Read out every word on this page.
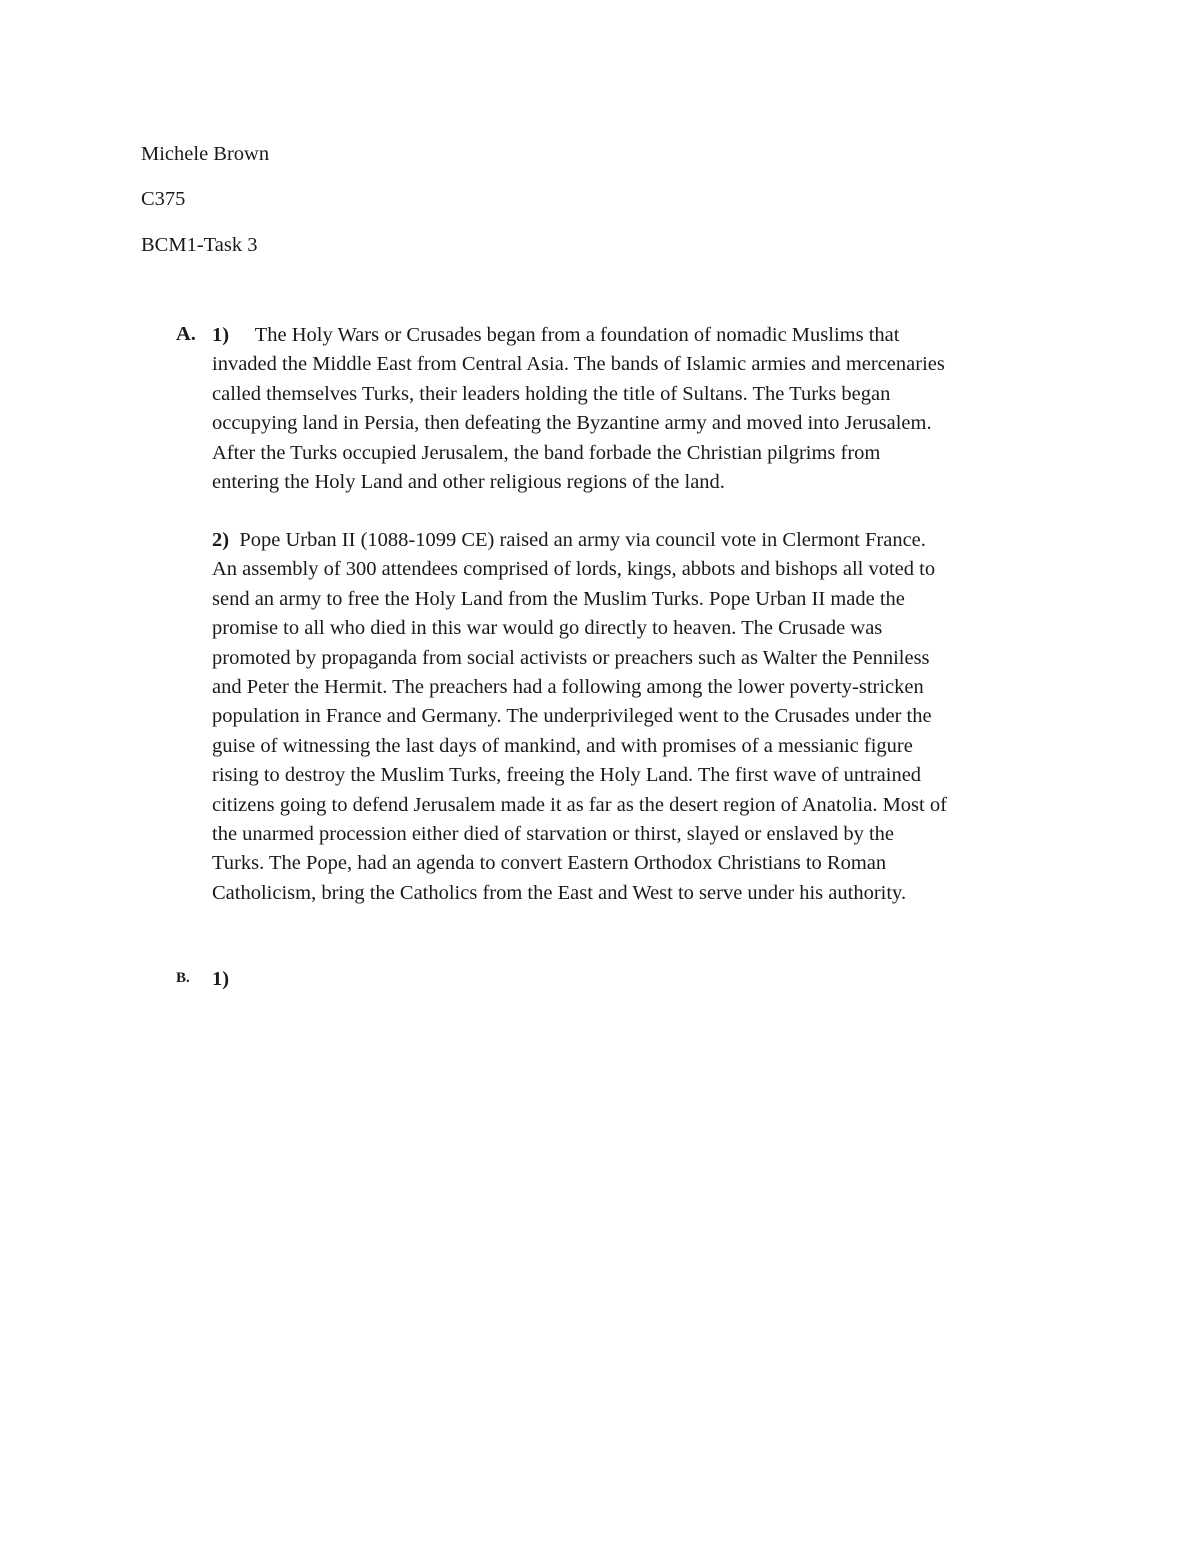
Michele Brown
C375
BCM1-Task 3
A. 1) The Holy Wars or Crusades began from a foundation of nomadic Muslims that
invaded the Middle East from Central Asia. The bands of Islamic armies and mercenaries
called themselves Turks, their leaders holding the title of Sultans. The Turks began
occupying land in Persia, then defeating the Byzantine army and moved into Jerusalem.
After the Turks occupied Jerusalem, the band forbade the Christian pilgrims from
entering the Holy Land and other religious regions of the land.

2) Pope Urban II (1088-1099 CE) raised an army via council vote in Clermont France.
An assembly of 300 attendees comprised of lords, kings, abbots and bishops all voted to
send an army to free the Holy Land from the Muslim Turks. Pope Urban II made the
promise to all who died in this war would go directly to heaven. The Crusade was
promoted by propaganda from social activists or preachers such as Walter the Penniless
and Peter the Hermit. The preachers had a following among the lower poverty-stricken
population in France and Germany. The underprivileged went to the Crusades under the
guise of witnessing the last days of mankind, and with promises of a messianic figure
rising to destroy the Muslim Turks, freeing the Holy Land. The first wave of untrained
citizens going to defend Jerusalem made it as far as the desert region of Anatolia. Most of
the unarmed procession either died of starvation or thirst, slayed or enslaved by the
Turks. The Pope, had an agenda to convert Eastern Orthodox Christians to Roman
Catholicism, bring the Catholics from the East and West to serve under his authority.

B. 1)
